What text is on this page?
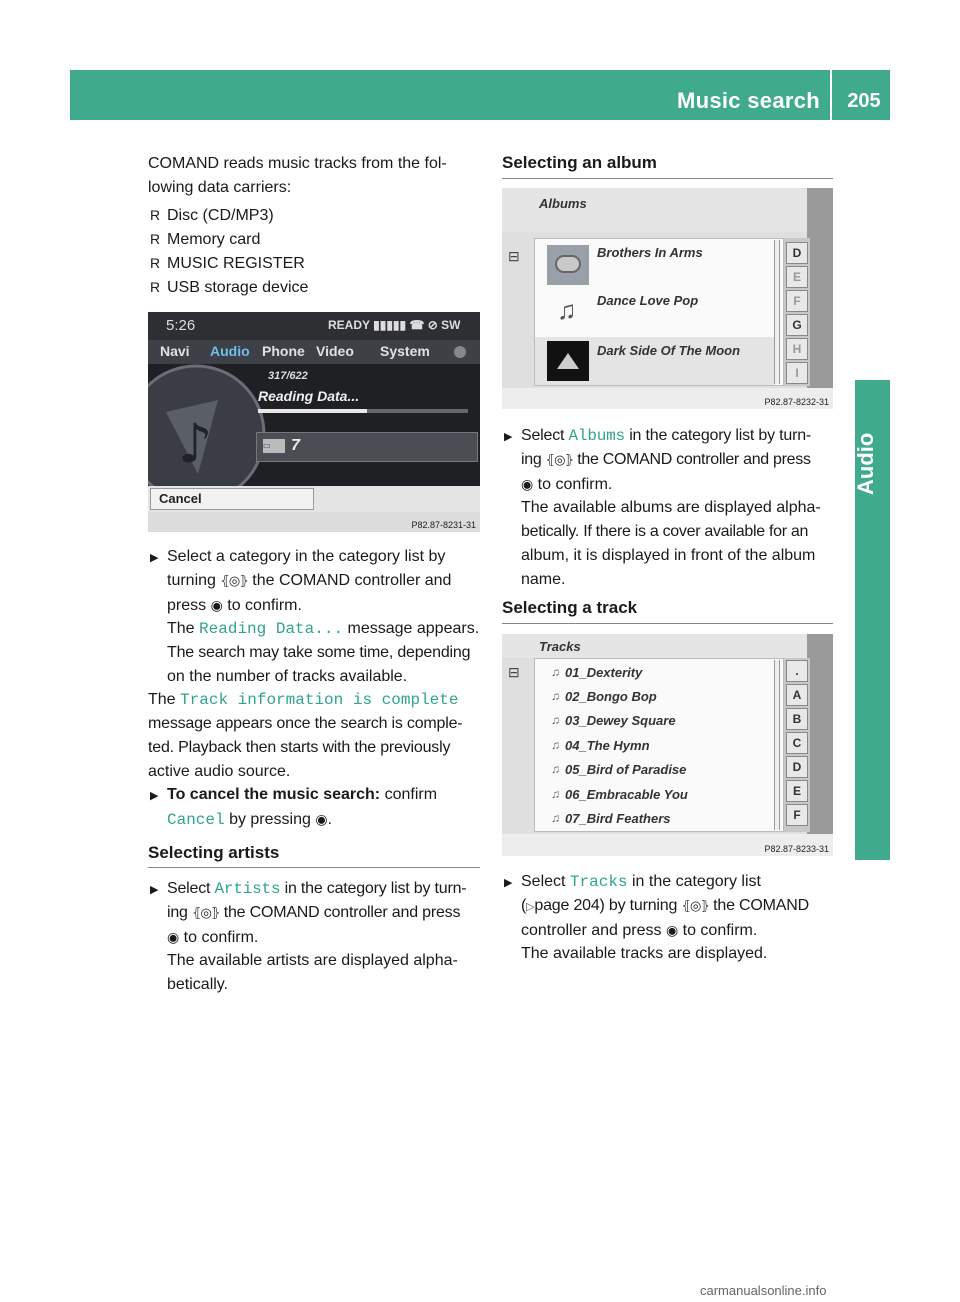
Music search	205
Audio
COMAND reads music tracks from the fol-
lowing data carriers:
R Disc (CD/MP3)
R Memory card
R MUSIC REGISTER
R USB storage device
5:26	READY ▮▮▮▮▮ ☎ ⊘ SW
Navi Audio Phone Video System
♪
317/622
Reading Data...
▭	7
Cancel
P82.87-8231-31
▶ Select a category in the category list by
turning ⦃◎⦄ the COMAND controller and
press ◉ to confirm.
The Reading Data... message appears.
The search may take some time, depending
on the number of tracks available.
The Track information is complete
message appears once the search is comple-
ted. Playback then starts with the previously
active audio source.
▶ To cancel the music search: confirm
Cancel by pressing ◉.
Selecting artists
▶ Select Artists in the category list by turn-
ing ⦃◎⦄ the COMAND controller and press
◉ to confirm.
The available artists are displayed alpha-
betically.
Selecting an album
Albums
⊟	Brothers In Arms
♫ Dance Love Pop
Dark Side Of The Moon
D
E
F
G
H
I
P82.87-8232-31
▶ Select Albums in the category list by turn-
ing ⦃◎⦄ the COMAND controller and press
◉ to confirm.
The available albums are displayed alpha-
betically. If there is a cover available for an
album, it is displayed in front of the album
name.
Selecting a track
Tracks
⊟	♫ 01_Dexterity
♫ 02_Bongo Bop
♫ 03_Dewey Square
♫ 04_The Hymn
♫ 05_Bird of Paradise
♫ 06_Embracable You
♫ 07_Bird Feathers
.
A
B
C
D
E
F
P82.87-8233-31
▶ Select Tracks in the category list
(▷page 204) by turning ⦃◎⦄ the COMAND
controller and press ◉ to confirm.
The available tracks are displayed.
carmanualsonline.info
